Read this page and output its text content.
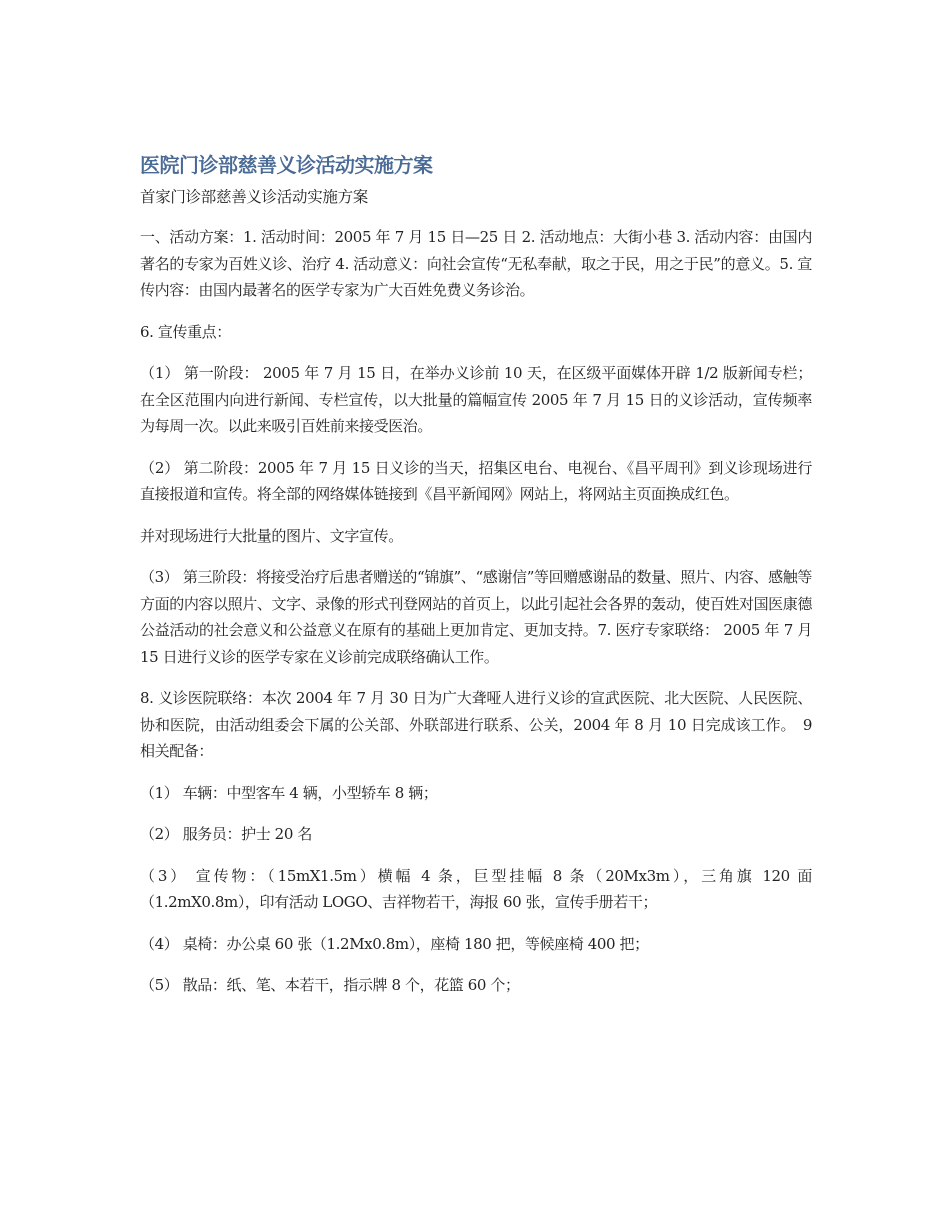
医院门诊部慈善义诊活动实施方案
首家门诊部慈善义诊活动实施方案

一、活动方案：1. 活动时间：2005 年 7 月 15 日—25 日 2. 活动地点：大街小巷 3. 活动内容：由国内著名的专家为百姓义诊、治疗 4. 活动意义：向社会宣传“无私奉献，取之于民，用之于民”的意义。5. 宣传内容：由国内最著名的医学专家为广大百姓免费义务诊治。

6. 宣传重点：

（1） 第一阶段： 2005 年 7 月 15 日，在举办义诊前 10 天，在区级平面媒体开辟 1/2 版新闻专栏；在全区范围内向进行新闻、专栏宣传，以大批量的篇幅宣传 2005 年 7 月 15 日的义诊活动，宣传频率为每周一次。以此来吸引百姓前来接受医治。

（2） 第二阶段：2005 年 7 月 15 日义诊的当天，招集区电台、电视台、《昌平周刊》到义诊现场进行直接报道和宣传。将全部的网络媒体链接到《昌平新闻网》网站上，将网站主页面换成红色。

并对现场进行大批量的图片、文字宣传。

（3） 第三阶段：将接受治疗后患者赠送的“锦旗”、“感谢信”等回赠感谢品的数量、照片、内容、感触等方面的内容以照片、文字、录像的形式刊登网站的首页上，以此引起社会各界的轰动，使百姓对国医康德公益活动的社会意义和公益意义在原有的基础上更加肯定、更加支持。7. 医疗专家联络： 2005 年 7 月 15 日进行义诊的医学专家在义诊前完成联络确认工作。

8. 义诊医院联络：本次 2004 年 7 月 30 日为广大聋哑人进行义诊的宣武医院、北大医院、人民医院、协和医院，由活动组委会下属的公关部、外联部进行联系、公关，2004 年 8 月 10 日完成该工作。　9 相关配备：

（1） 车辆：中型客车 4 辆，小型轿车 8 辆；

（2） 服务员：护士 20 名

（3） 宣传物：（15mX1.5m）横幅 4 条，巨型挂幅 8 条（20Mx3m），三角旗 120 面（1.2mX0.8m），印有活动 LOGO、吉祥物若干，海报 60 张，宣传手册若干；

（4） 桌椅：办公桌 60 张（1.2Mx0.8m），座椅 180 把，等候座椅 400 把；

（5） 散品：纸、笔、本若干，指示牌 8 个，花篮 60 个；
